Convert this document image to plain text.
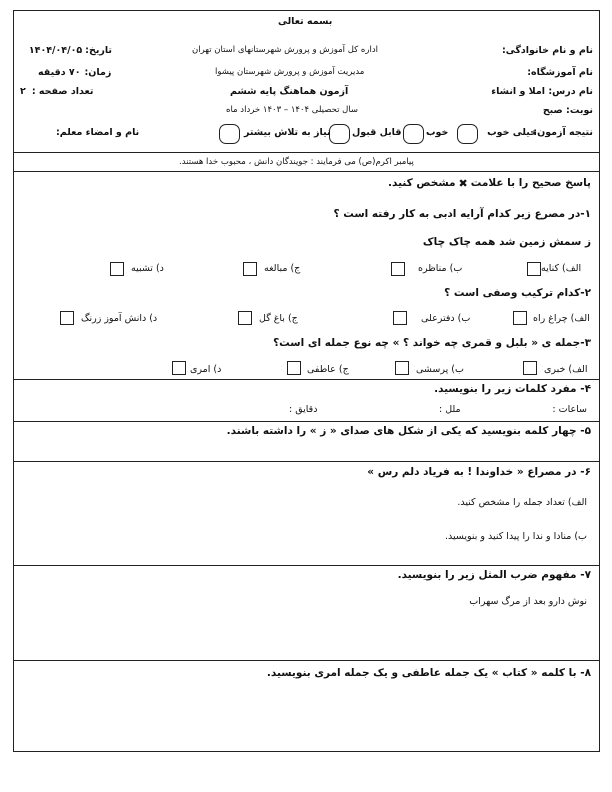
بسمه تعالی
نام و نام خانوادگی:
نام آموزشگاه:
نام درس: املا و انشاء
نوبت: صبح
اداره کل آموزش و پرورش شهرستانهای استان تهران
مدیریت آموزش و پرورش شهرستان پیشوا
آزمون هماهنگ پایه ششم
سال تحصیلی ۱۴۰۴ – ۱۴۰۳ خرداد ماه
تاریخ:
۱۴۰۴/۰۴/۰۵
زمان:
۷۰ دقیقه
تعداد صفحه :
۲
نام و امضاء معلم:	نتیجه آزمون:
خیلی خوب
خوب
قابل قبول
نیاز به تلاش بیشتر
پیامبر اکرم(ص) می فرمایند : جویندگان دانش ، محبوب خدا هستند.
پاسخ صحیح را با علامت
✖
مشخص کنید.
۱-در مصرع زیر کدام آرایه ادبی به کار رفته است ؟
ز سمش زمین شد همه چاک چاک
الف) کنایه
ب) مناظره
ج) مبالغه
د) تشبیه
۲-کدام ترکیب وصفی است ؟
الف) چراغ راه
ب) دفترعلی
ج) باغ گل
د) دانش آموز زرنگ
۳-جمله ی « بلبل و قمری چه خواند ؟ » چه نوع جمله ای است؟
الف) خبری
ب) پرسشی
ج) عاطفی
د) امری
۴- مفرد کلمات زیر را بنویسید.
ساعات :
ملل :
دقایق :
۵- چهار کلمه بنویسید که یکی از شکل های صدای « ز » را داشته باشند.
۶- در مصراع « خداوندا ! به فریاد دلم رس »
الف) تعداد جمله را مشخص کنید.
ب) منادا و ندا را پیدا کنید و بنویسید.
۷- مفهوم ضرب المثل زیر را بنویسید.
نوش دارو بعد از مرگ سهراب
۸- با کلمه « کتاب » یک جمله عاطفی و یک جمله امری بنویسید.
